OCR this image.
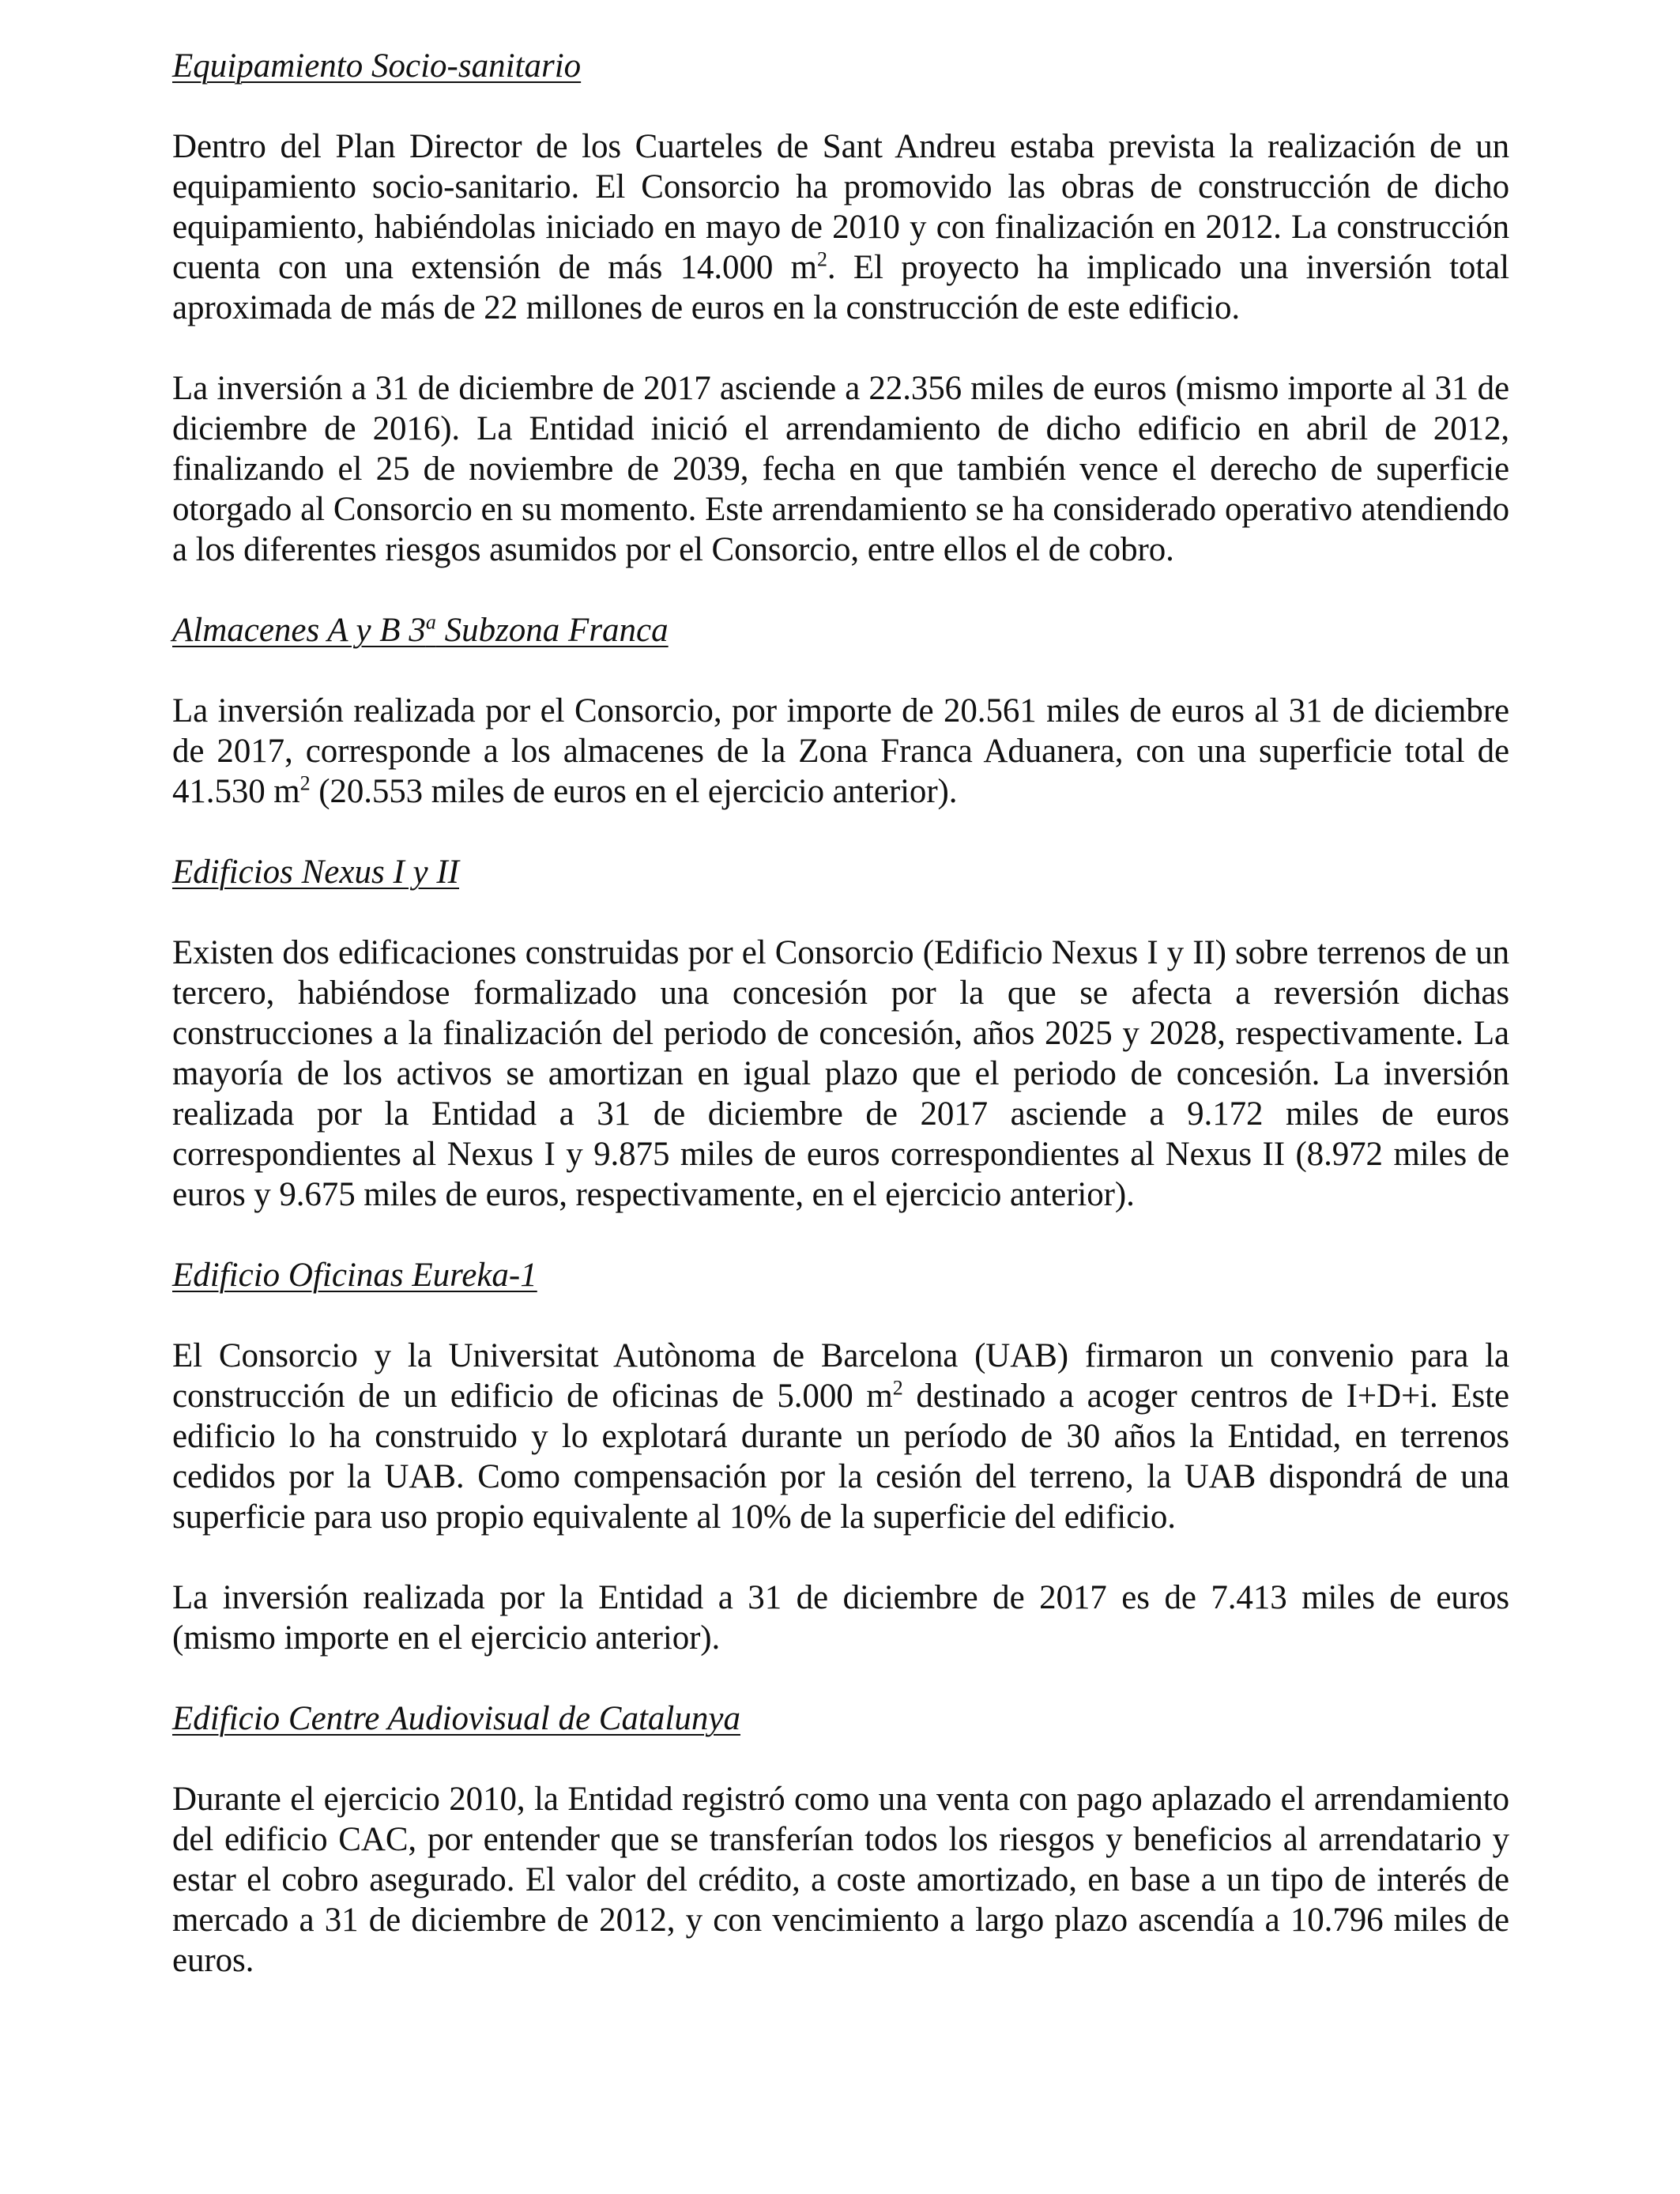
Equipamiento Socio-sanitario

Dentro del Plan Director de los Cuarteles de Sant Andreu estaba prevista la realización de un equipamiento socio-sanitario. El Consorcio ha promovido las obras de construcción de dicho equipamiento, habiéndolas iniciado en mayo de 2010 y con finalización en 2012. La construcción cuenta con una extensión de más 14.000 $m^2$. El proyecto ha implicado una inversión total aproximada de más de 22 millones de euros en la construcción de este edificio.

La inversión a 31 de diciembre de 2017 asciende a 22.356 miles de euros (mismo importe al 31 de diciembre de 2016). La Entidad inició el arrendamiento de dicho edificio en abril de 2012, finalizando el 25 de noviembre de 2039, fecha en que también vence el derecho de superficie otorgado al Consorcio en su momento. Este arrendamiento se ha considerado operativo atendiendo a los diferentes riesgos asumidos por el Consorcio, entre ellos el de cobro.

Almacenes A y B 3$^a$ Subzona Franca

La inversión realizada por el Consorcio, por importe de 20.561 miles de euros al 31 de diciembre de 2017, corresponde a los almacenes de la Zona Franca Aduanera, con una superficie total de 41.530 $m^2$ (20.553 miles de euros en el ejercicio anterior).

Edificios Nexus I y II

Existen dos edificaciones construidas por el Consorcio (Edificio Nexus I y II) sobre terrenos de un tercero, habiéndose formalizado una concesión por la que se afecta a reversión dichas construcciones a la finalización del periodo de concesión, años 2025 y 2028, respectivamente. La mayoría de los activos se amortizan en igual plazo que el periodo de concesión. La inversión realizada por la Entidad a 31 de diciembre de 2017 asciende a 9.172 miles de euros correspondientes al Nexus I y 9.875 miles de euros correspondientes al Nexus II (8.972 miles de euros y 9.675 miles de euros, respectivamente, en el ejercicio anterior).

Edificio Oficinas Eureka-1

El Consorcio y la Universitat Autònoma de Barcelona (UAB) firmaron un convenio para la construcción de un edificio de oficinas de 5.000 $m^2$ destinado a acoger centros de I+D+i. Este edificio lo ha construido y lo explotará durante un período de 30 años la Entidad, en terrenos cedidos por la UAB. Como compensación por la cesión del terreno, la UAB dispondrá de una superficie para uso propio equivalente al 10% de la superficie del edificio.

La inversión realizada por la Entidad a 31 de diciembre de 2017 es de 7.413 miles de euros (mismo importe en el ejercicio anterior).

Edificio Centre Audiovisual de Catalunya

Durante el ejercicio 2010, la Entidad registró como una venta con pago aplazado el arrendamiento del edificio CAC, por entender que se transferían todos los riesgos y beneficios al arrendatario y estar el cobro asegurado. El valor del crédito, a coste amortizado, en base a un tipo de interés de mercado a 31 de diciembre de 2012, y con vencimiento a largo plazo ascendía a 10.796 miles de euros.
